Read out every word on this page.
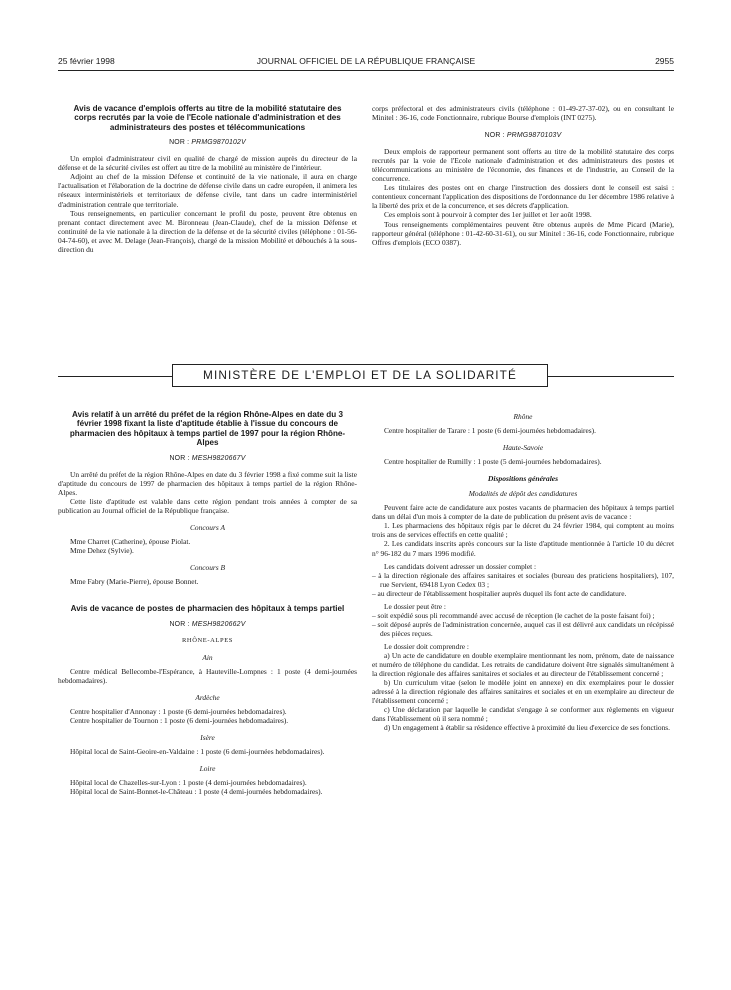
25 février 1998	JOURNAL OFFICIEL DE LA RÉPUBLIQUE FRANÇAISE	2955
Avis de vacance d'emplois offerts au titre de la mobilité statutaire des corps recrutés par la voie de l'Ecole nationale d'administration et des administrateurs des postes et télécommunications
NOR : PRMG9870102V

Un emploi d'administrateur civil en qualité de chargé de mission auprès du directeur de la défense et de la sécurité civiles est offert au titre de la mobilité au ministère de l'intérieur.

Adjoint au chef de la mission Défense et continuité de la vie nationale, il aura en charge l'actualisation et l'élaboration de la doctrine de défense civile dans un cadre européen, il animera les réseaux interministériels et territoriaux de défense civile, tant dans un cadre interministériel d'administration centrale que territoriale.

Tous renseignements, en particulier concernant le profil du poste, peuvent être obtenus en prenant contact directement avec M. Bironneau (Jean-Claude), chef de la mission Défense et continuité de la vie nationale à la direction de la défense et de la sécurité civiles (téléphone : 01-56-04-74-60), et avec M. Delage (Jean-François), chargé de la mission Mobilité et débouchés à la sous-direction du

corps préfectoral et des administrateurs civils (téléphone : 01-49-27-37-02), ou en consultant le Minitel : 36-16, code Fonctionnaire, rubrique Bourse d'emplois (INT 0275).

NOR : PRMG9870103V

Deux emplois de rapporteur permanent sont offerts au titre de la mobilité statutaire des corps recrutés par la voie de l'Ecole nationale d'administration et des administrateurs des postes et télécommunications au ministère de l'économie, des finances et de l'industrie, au Conseil de la concurrence.

Les titulaires des postes ont en charge l'instruction des dossiers dont le conseil est saisi : contentieux concernant l'application des dispositions de l'ordonnance du 1er décembre 1986 relative à la liberté des prix et de la concurrence, et ses décrets d'application.

Ces emplois sont à pourvoir à compter des 1er juillet et 1er août 1998.

Tous renseignements complémentaires peuvent être obtenus auprès de Mme Picard (Marie), rapporteur général (téléphone : 01-42-60-31-61), ou sur Minitel : 36-16, code Fonctionnaire, rubrique Offres d'emplois (ECO 0387).

MINISTÈRE DE L'EMPLOI ET DE LA SOLIDARITÉ
Avis relatif à un arrêté du préfet de la région Rhône-Alpes en date du 3 février 1998 fixant la liste d'aptitude établie à l'issue du concours de pharmacien des hôpitaux à temps partiel de 1997 pour la région Rhône-Alpes
NOR : MESH9820667V

Un arrêté du préfet de la région Rhône-Alpes en date du 3 février 1998 a fixé comme suit la liste d'aptitude du concours de 1997 de pharmacien des hôpitaux à temps partiel de la région Rhône-Alpes.

Cette liste d'aptitude est valable dans cette région pendant trois années à compter de sa publication au Journal officiel de la République française.

Concours A

Mme Charret (Catherine), épouse Piolat.

Mme Dehez (Sylvie).

Concours B

Mme Fabry (Marie-Pierre), épouse Bonnet.

Avis de vacance de postes de pharmacien des hôpitaux à temps partiel
NOR : MESH9820662V
RHÔNE-ALPES
Ain

Centre médical Bellecombe-l'Espérance, à Hauteville-Lompnes : 1 poste (4 demi-journées hebdomadaires).

Ardèche

Centre hospitalier d'Annonay : 1 poste (6 demi-journées hebdomadaires).

Centre hospitalier de Tournon : 1 poste (6 demi-journées hebdomadaires).

Isère

Hôpital local de Saint-Geoire-en-Valdaine : 1 poste (6 demi-journées hebdomadaires).

Loire

Hôpital local de Chazelles-sur-Lyon : 1 poste (4 demi-journées hebdomadaires).

Hôpital local de Saint-Bonnet-le-Château : 1 poste (4 demi-journées hebdomadaires).

Rhône

Centre hospitalier de Tarare : 1 poste (6 demi-journées hebdomadaires).

Haute-Savoie

Centre hospitalier de Rumilly : 1 poste (5 demi-journées hebdomadaires).

Dispositions générales
Modalités de dépôt des candidatures

Peuvent faire acte de candidature aux postes vacants de pharmacien des hôpitaux à temps partiel dans un délai d'un mois à compter de la date de publication du présent avis de vacance :

1. Les pharmaciens des hôpitaux régis par le décret du 24 février 1984, qui comptent au moins trois ans de services effectifs en cette qualité ;

2. Les candidats inscrits après concours sur la liste d'aptitude mentionnée à l'article 10 du décret n° 96-182 du 7 mars 1996 modifié.

Les candidats doivent adresser un dossier complet :

– à la direction régionale des affaires sanitaires et sociales (bureau des praticiens hospitaliers), 107, rue Servient, 69418 Lyon Cedex 03 ;

– au directeur de l'établissement hospitalier auprès duquel ils font acte de candidature.

Le dossier peut être :

– soit expédié sous pli recommandé avec accusé de réception (le cachet de la poste faisant foi) ;

– soit déposé auprès de l'administration concernée, auquel cas il est délivré aux candidats un récépissé des pièces reçues.

Le dossier doit comprendre :

a) Un acte de candidature en double exemplaire mentionnant les nom, prénom, date de naissance et numéro de téléphone du candidat. Les retraits de candidature doivent être signalés simultanément à la direction régionale des affaires sanitaires et sociales et au directeur de l'établissement concerné ;

b) Un curriculum vitae (selon le modèle joint en annexe) en dix exemplaires pour le dossier adressé à la direction régionale des affaires sanitaires et sociales et en un exemplaire au directeur de l'établissement concerné ;

c) Une déclaration par laquelle le candidat s'engage à se conformer aux règlements en vigueur dans l'établissement où il sera nommé ;

d) Un engagement à établir sa résidence effective à proximité du lieu d'exercice de ses fonctions.
